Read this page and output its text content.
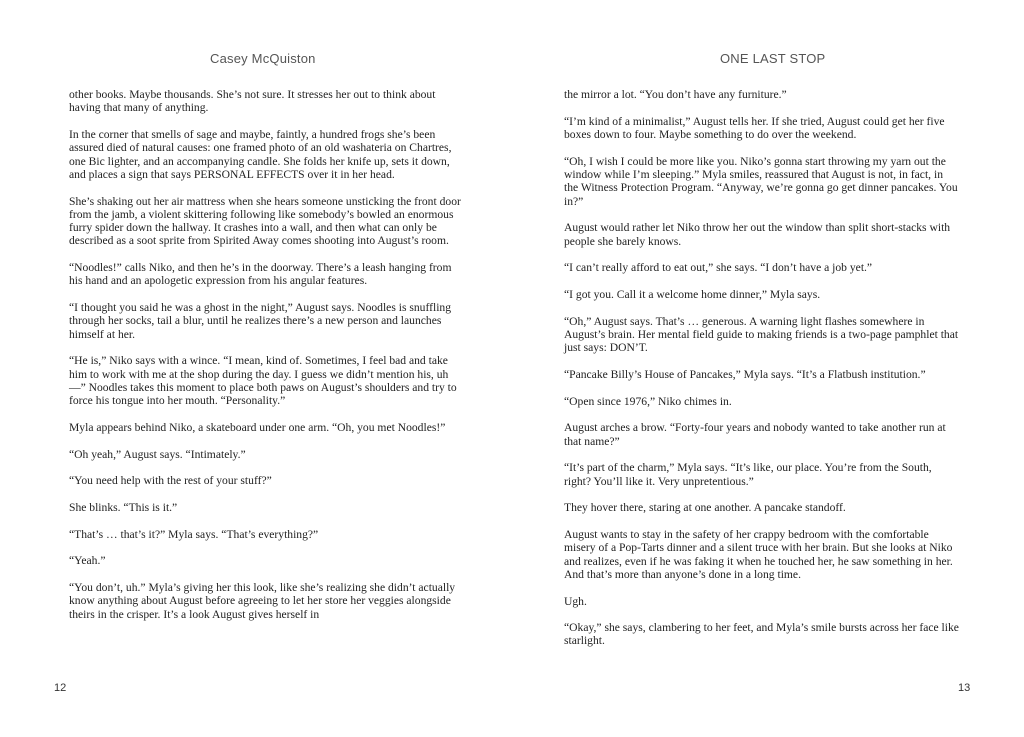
Casey McQuiston	ONE LAST STOP

other books. Maybe thousands. She’s not sure. It stresses her out to think about having that many of anything.

In the corner that smells of sage and maybe, faintly, a hundred frogs she’s been assured died of natural causes: one framed photo of an old washateria on Chartres, one Bic lighter, and an accompanying candle. She folds her knife up, sets it down, and places a sign that says PERSONAL EFFECTS over it in her head.

She’s shaking out her air mattress when she hears someone unsticking the front door from the jamb, a violent skittering following like somebody’s bowled an enormous furry spider down the hallway. It crashes into a wall, and then what can only be described as a soot sprite from Spirited Away comes shooting into August’s room.

“Noodles!” calls Niko, and then he’s in the doorway. There’s a leash hanging from his hand and an apologetic expression from his angular features.

“I thought you said he was a ghost in the night,” August says. Noodles is snuffling through her socks, tail a blur, until he realizes there’s a new person and launches himself at her.

“He is,” Niko says with a wince. “I mean, kind of. Sometimes, I feel bad and take him to work with me at the shop during the day. I guess we didn’t mention his, uh—” Noodles takes this moment to place both paws on August’s shoulders and try to force his tongue into her mouth. “Personality.”

Myla appears behind Niko, a skateboard under one arm. “Oh, you met Noodles!”

“Oh yeah,” August says. “Intimately.”

“You need help with the rest of your stuff?”

She blinks. “This is it.”

“That’s … that’s it?” Myla says. “That’s everything?”

“Yeah.”

“You don’t, uh.” Myla’s giving her this look, like she’s realizing she didn’t actually know anything about August before agreeing to let her store her veggies alongside theirs in the crisper. It’s a look August gives herself in

the mirror a lot. “You don’t have any furniture.”

“I’m kind of a minimalist,” August tells her. If she tried, August could get her five boxes down to four. Maybe something to do over the weekend.

“Oh, I wish I could be more like you. Niko’s gonna start throwing my yarn out the window while I’m sleeping.” Myla smiles, reassured that August is not, in fact, in the Witness Protection Program. “Anyway, we’re gonna go get dinner pancakes. You in?”

August would rather let Niko throw her out the window than split short-stacks with people she barely knows.

“I can’t really afford to eat out,” she says. “I don’t have a job yet.”

“I got you. Call it a welcome home dinner,” Myla says.

“Oh,” August says. That’s … generous. A warning light flashes somewhere in August’s brain. Her mental field guide to making friends is a two-page pamphlet that just says: DON’T.

“Pancake Billy’s House of Pancakes,” Myla says. “It’s a Flatbush institution.”

“Open since 1976,” Niko chimes in.

August arches a brow. “Forty-four years and nobody wanted to take another run at that name?”

“It’s part of the charm,” Myla says. “It’s like, our place. You’re from the South, right? You’ll like it. Very unpretentious.”

They hover there, staring at one another. A pancake standoff.

August wants to stay in the safety of her crappy bedroom with the comfortable misery of a Pop-Tarts dinner and a silent truce with her brain. But she looks at Niko and realizes, even if he was faking it when he touched her, he saw something in her. And that’s more than anyone’s done in a long time.

Ugh.

“Okay,” she says, clambering to her feet, and Myla’s smile bursts across her face like starlight.

12	13
